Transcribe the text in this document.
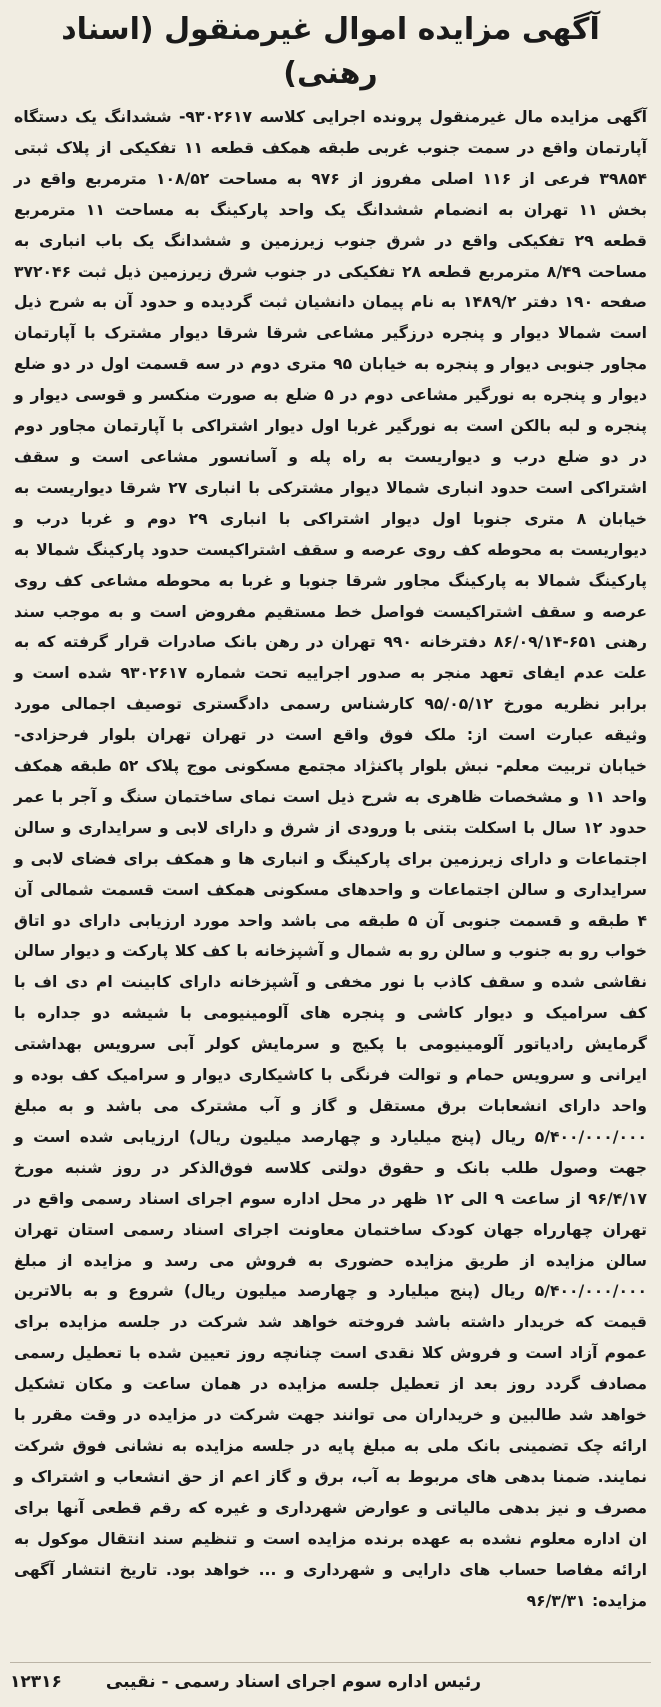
آگهی مزایده اموال غیرمنقول (اسناد رهنی)

آگهی مزایده مال غیرمنقول پرونده اجرایی کلاسه ۹۳۰۲۶۱۷- ششدانگ یک دستگاه آپارتمان واقع در سمت جنوب غربی طبقه همکف قطعه ۱۱ تفکیکی از پلاک ثبتی ۳۹۸۵۴ فرعی از ۱۱۶ اصلی مفروز از ۹۷۶ به مساحت ۱۰۸/۵۲ مترمربع واقع در بخش ۱۱ تهران به انضمام ششدانگ یک واحد پارکینگ به مساحت ۱۱ مترمربع قطعه ۲۹ تفکیکی واقع در شرق جنوب زیرزمین و ششدانگ یک باب انباری به مساحت ۸/۴۹ مترمربع قطعه ۲۸ تفکیکی در جنوب شرق زیرزمین ذیل ثبت ۳۷۲۰۴۶ صفحه ۱۹۰ دفتر ۱۴۸۹/۲ به نام پیمان دانشیان ثبت گردیده و حدود آن به شرح ذیل است شمالا دیوار و پنجره درزگیر مشاعی شرقا شرقا دیوار مشترک با آپارتمان مجاور جنوبی دیوار و پنجره به خیابان ۹۵ متری دوم در سه قسمت اول در دو ضلع دیوار و پنجره به نورگیر مشاعی دوم در ۵ ضلع به صورت منکسر و قوسی دیوار و پنجره و لبه بالکن است به نورگیر غربا اول دیوار اشتراکی با آپارتمان مجاور دوم در دو ضلع درب و دیواریست به راه پله و آسانسور مشاعی است و سقف اشتراکی است حدود انباری شمالا دیوار مشترکی با انباری ۲۷ شرقا دیواریست به خیابان ۸ متری جنوبا اول دیوار اشتراکی با انباری ۲۹ دوم و غربا درب و دیواریست به محوطه کف روی عرصه و سقف اشتراکیست حدود پارکینگ شمالا به پارکینگ شمالا به پارکینگ مجاور شرقا جنوبا و غربا به محوطه مشاعی کف روی عرصه و سقف اشتراکیست فواصل خط مستقیم مفروض است و به موجب سند رهنی ۶۵۱-۸۶/۰۹/۱۴ دفترخانه ۹۹۰ تهران در رهن بانک صادرات قرار گرفته که به علت عدم ایفای تعهد منجر به صدور اجراییه تحت شماره ۹۳۰۲۶۱۷ شده است و برابر نظریه مورخ ۹۵/۰۵/۱۲ کارشناس رسمی دادگستری توصیف اجمالی مورد وثیقه عبارت است از: ملک فوق واقع است در تهران تهران بلوار فرحزادی- خیابان تربیت معلم- نبش بلوار پاکنژاد مجتمع مسکونی موج پلاک ۵۲ طبقه همکف واحد ۱۱ و مشخصات ظاهری به شرح ذیل است نمای ساختمان سنگ و آجر با عمر حدود ۱۲ سال با اسکلت بتنی با ورودی از شرق و دارای لابی و سرایداری و سالن اجتماعات و دارای زیرزمین برای پارکینگ و انباری ها و همکف برای فضای لابی و سرایداری و سالن اجتماعات و واحدهای مسکونی همکف است قسمت شمالی آن ۴ طبقه و قسمت جنوبی آن ۵ طبقه می باشد واحد مورد ارزیابی دارای دو اتاق خواب رو به جنوب و سالن رو به شمال و آشپزخانه با کف کلا پارکت و دیوار سالن نقاشی شده و سقف کاذب با نور مخفی و آشپزخانه دارای کابینت ام دی اف با کف سرامیک و دیوار کاشی و پنجره های آلومینیومی با شیشه دو جداره با گرمایش رادیاتور آلومینیومی با پکیج و سرمایش کولر آبی سرویس بهداشتی ایرانی و سرویس حمام و توالت فرنگی با کاشیکاری دیوار و سرامیک کف بوده و واحد دارای انشعابات برق مستقل و گاز و آب مشترک می باشد و به مبلغ ۵/۴۰۰/۰۰۰/۰۰۰ ریال (پنج میلیارد و چهارصد میلیون ریال) ارزیابی شده است و جهت وصول طلب بانک و حقوق دولتی کلاسه فوق‌الذکر در روز شنبه مورخ ۹۶/۴/۱۷ از ساعت ۹ الی ۱۲ ظهر در محل اداره سوم اجرای اسناد رسمی واقع در تهران چهارراه جهان کودک ساختمان معاونت اجرای اسناد رسمی استان تهران سالن مزایده از طریق مزایده حضوری به فروش می رسد و مزایده از مبلغ ۵/۴۰۰/۰۰۰/۰۰۰ ریال (پنج میلیارد و چهارصد میلیون ریال) شروع و به بالاترین قیمت که خریدار داشته باشد فروخته خواهد شد شرکت در جلسه مزایده برای عموم آزاد است و فروش کلا نقدی است چنانچه روز تعیین شده با تعطیل رسمی مصادف گردد روز بعد از تعطیل جلسه مزایده در همان ساعت و مکان تشکیل خواهد شد طالبین و خریداران می توانند جهت شرکت در مزایده در وقت مقرر با ارائه چک تضمینی بانک ملی به مبلغ پایه در جلسه مزایده به نشانی فوق شرکت نمایند. ضمنا بدهی های مربوط به آب، برق و گاز اعم از حق انشعاب و اشتراک و مصرف و نیز بدهی مالیاتی و عوارض شهرداری و غیره که رقم قطعی آنها برای ان اداره معلوم نشده به عهده برنده مزایده است و تنظیم سند انتقال موکول به ارائه مفاصا حساب های دارایی و شهرداری و ... خواهد بود. تاریخ انتشار آگهی مزایده: ۹۶/۳/۳۱

رئیس اداره سوم اجرای اسناد رسمی - نقیبی
۱۲۳۱۶
